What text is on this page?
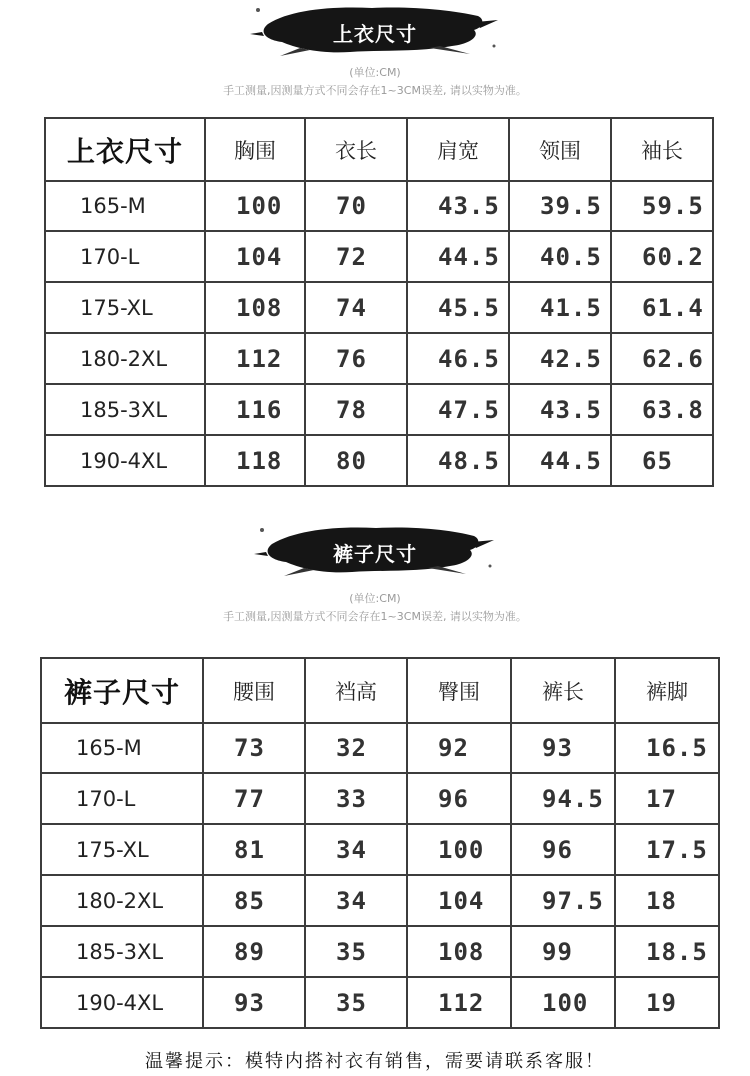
上衣尺寸
(单位:CM)
手工测量,因测量方式不同会存在1~3CM误差, 请以实物为准。
上衣尺寸	胸围	衣长	肩宽	领围	袖长
165-M	100	70	43.5	39.5	59.5
170-L	104	72	44.5	40.5	60.2
175-XL	108	74	45.5	41.5	61.4
180-2XL	112	76	46.5	42.5	62.6
185-3XL	116	78	47.5	43.5	63.8
190-4XL	118	80	48.5	44.5	65
裤子尺寸
(单位:CM)
手工测量,因测量方式不同会存在1~3CM误差, 请以实物为准。
裤子尺寸	腰围	裆高	臀围	裤长	裤脚
165-M	73	32	92	93	16.5
170-L	77	33	96	94.5	17
175-XL	81	34	100	96	17.5
180-2XL	85	34	104	97.5	18
185-3XL	89	35	108	99	18.5
190-4XL	93	35	112	100	19
温馨提示：模特内搭衬衣有销售，需要请联系客服！
